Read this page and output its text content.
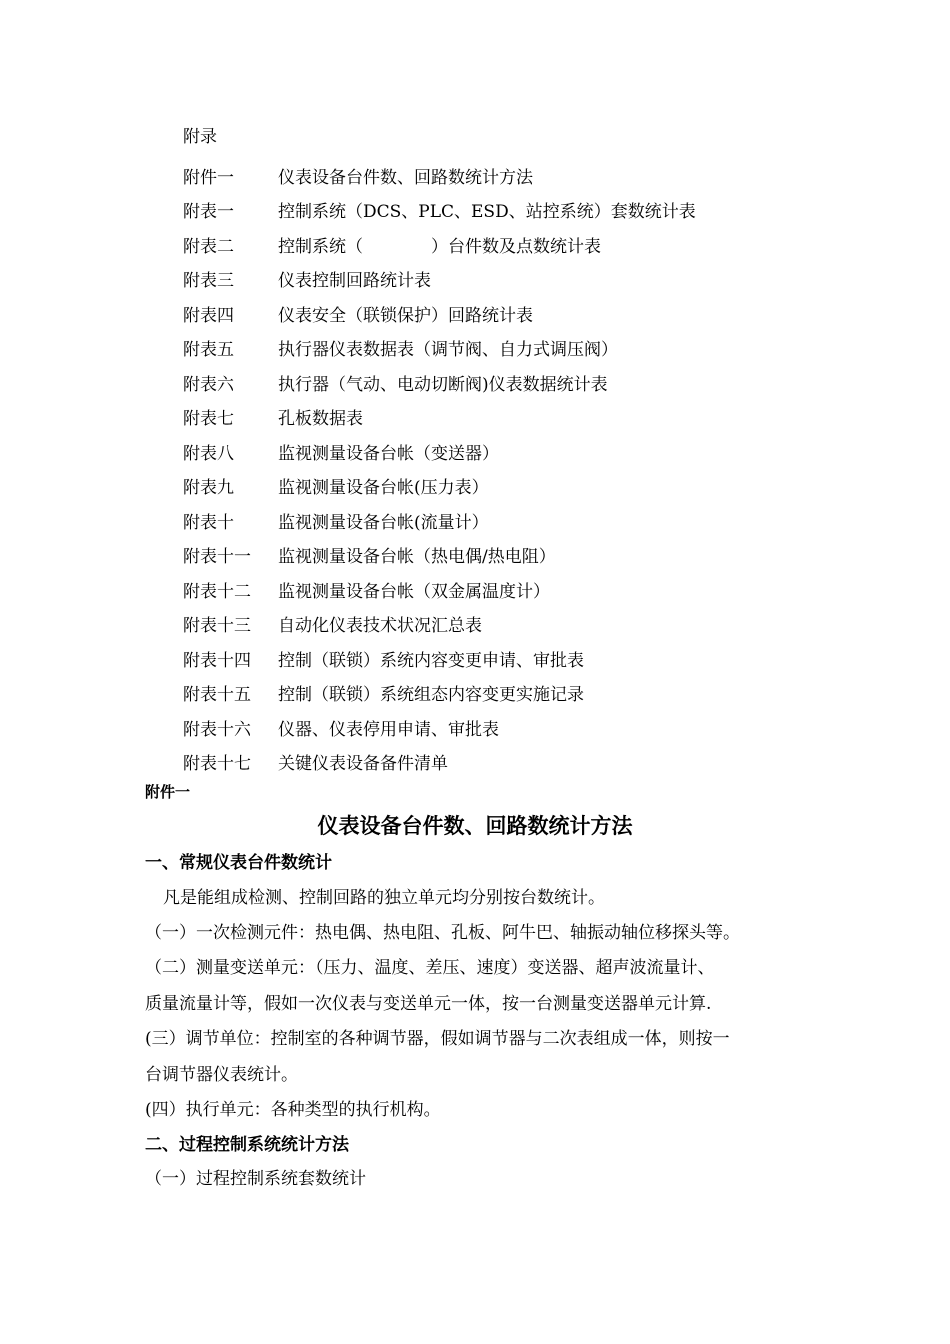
附录
附件一	仪表设备台件数、回路数统计方法
附表一	控制系统（DCS、PLC、ESD、站控系统）套数统计表
附表二	控制系统（　　　　）台件数及点数统计表
附表三	仪表控制回路统计表
附表四	仪表安全（联锁保护）回路统计表
附表五	执行器仪表数据表（调节阀、自力式调压阀）
附表六	执行器（气动、电动切断阀)仪表数据统计表
附表七	孔板数据表
附表八	监视测量设备台帐（变送器）
附表九	监视测量设备台帐(压力表）
附表十	监视测量设备台帐(流量计）
附表十一	监视测量设备台帐（热电偶/热电阻）
附表十二	监视测量设备台帐（双金属温度计）
附表十三	自动化仪表技术状况汇总表
附表十四	控制（联锁）系统内容变更申请、审批表
附表十五	控制（联锁）系统组态内容变更实施记录
附表十六	仪器、仪表停用申请、审批表
附表十七	关键仪表设备备件清单
附件一
仪表设备台件数、回路数统计方法
一、常规仪表台件数统计
凡是能组成检测、控制回路的独立单元均分别按台数统计。
（一）一次检测元件：热电偶、热电阻、孔板、阿牛巴、轴振动轴位移探头等。
（二）测量变送单元：（压力、温度、差压、速度）变送器、超声波流量计、
质量流量计等，假如一次仪表与变送单元一体，按一台测量变送器单元计算.
(三）调节单位：控制室的各种调节器，假如调节器与二次表组成一体，则按一
台调节器仪表统计。
(四）执行单元：各种类型的执行机构。
二、过程控制系统统计方法
（一）过程控制系统套数统计
